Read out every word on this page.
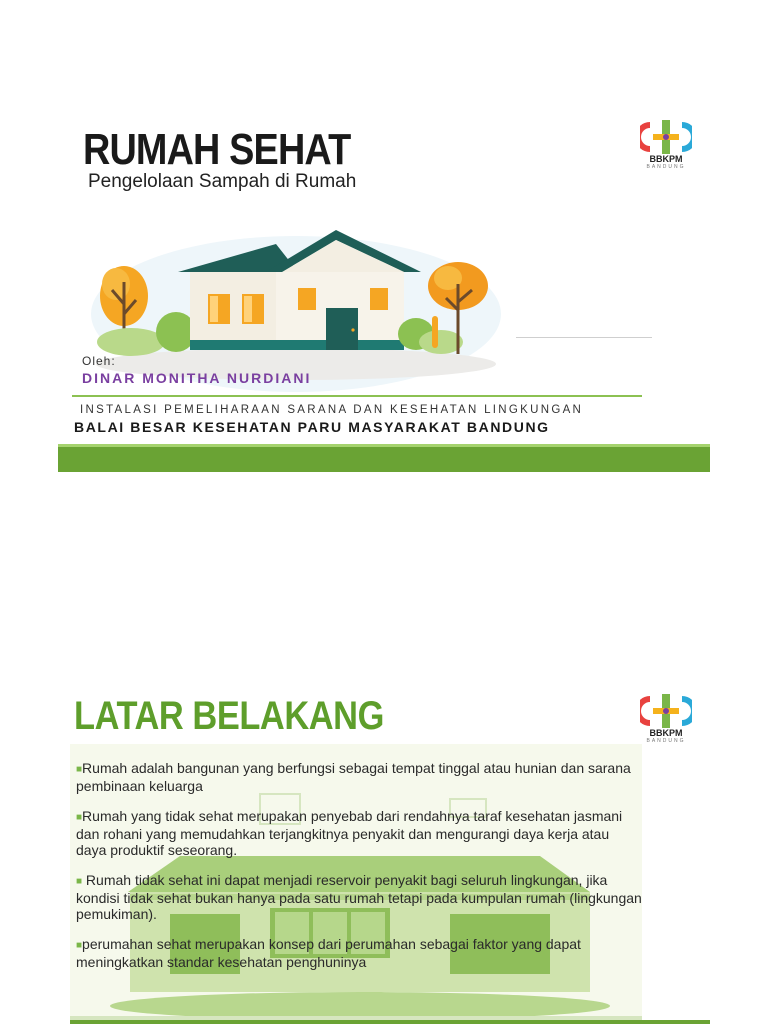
RUMAH SEHAT
Pengelolaan Sampah di Rumah
BBKPM
BANDUNG
Oleh:
DINAR MONITHA NURDIANI
INSTALASI PEMELIHARAAN SARANA DAN KESEHATAN LINGKUNGAN
BALAI BESAR KESEHATAN PARU MASYARAKAT BANDUNG
LATAR BELAKANG	BBKPM
BANDUNG
■Rumah adalah bangunan yang berfungsi sebagai tempat tinggal atau hunian dan sarana pembinaan keluarga
■Rumah yang tidak sehat merupakan penyebab dari rendahnya taraf kesehatan jasmani dan rohani yang memudahkan terjangkitnya penyakit dan mengurangi daya kerja atau daya produktif seseorang.
■ Rumah tidak sehat ini dapat menjadi reservoir penyakit bagi seluruh lingkungan, jika kondisi tidak sehat bukan hanya pada satu rumah tetapi pada kumpulan rumah (lingkungan pemukiman).
■perumahan sehat merupakan konsep dari perumahan sebagai faktor yang dapat meningkatkan standar kesehatan penghuninya
